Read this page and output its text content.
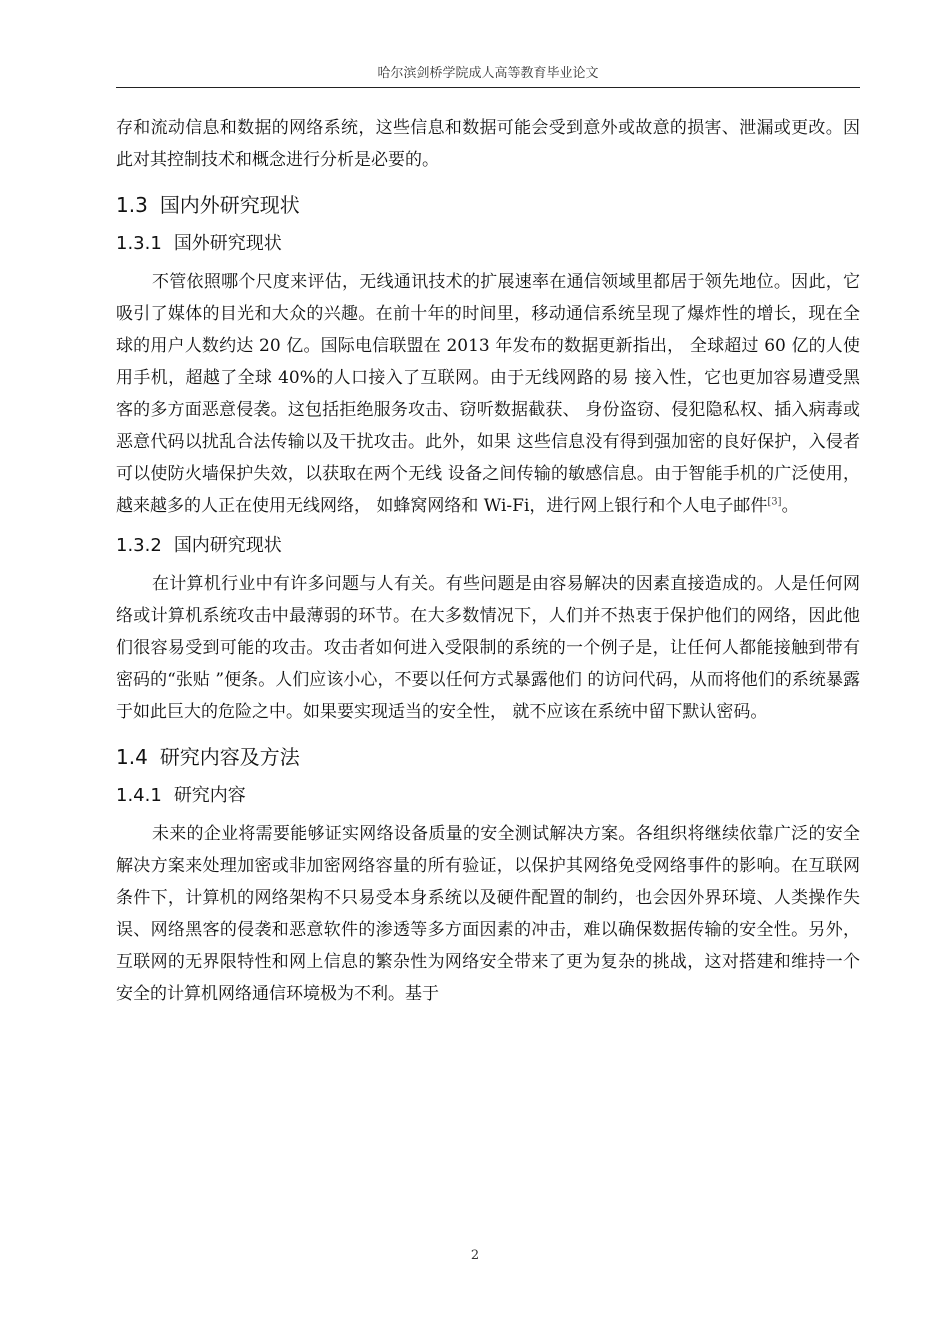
哈尔滨剑桥学院成人高等教育毕业论文

存和流动信息和数据的网络系统，这些信息和数据可能会受到意外或故意的损害、泄漏或更改。因此对其控制技术和概念进行分析是必要的。

1.3 国内外研究现状
1.3.1 国外研究现状

不管依照哪个尺度来评估，无线通讯技术的扩展速率在通信领域里都居于领先地位。因此，它吸引了媒体的目光和大众的兴趣。在前十年的时间里，移动通信系统呈现了爆炸性的增长，现在全球的用户人数约达 20 亿。国际电信联盟在 2013 年发布的数据更新指出， 全球超过 60 亿的人使用手机，超越了全球 40%的人口接入了互联网。由于无线网路的易 接入性，它也更加容易遭受黑客的多方面恶意侵袭。这包括拒绝服务攻击、窃听数据截获、 身份盗窃、侵犯隐私权、插入病毒或恶意代码以扰乱合法传输以及干扰攻击。此外，如果 这些信息没有得到强加密的良好保护，入侵者可以使防火墙保护失效，以获取在两个无线 设备之间传输的敏感信息。由于智能手机的广泛使用，越来越多的人正在使用无线网络， 如蜂窝网络和 Wi-Fi，进行网上银行和个人电子邮件[3]。

1.3.2 国内研究现状

在计算机行业中有许多问题与人有关。有些问题是由容易解决的因素直接造成的。人是任何网络或计算机系统攻击中最薄弱的环节。在大多数情况下，人们并不热衷于保护他们的网络，因此他们很容易受到可能的攻击。攻击者如何进入受限制的系统的一个例子是，让任何人都能接触到带有密码的“张贴 ”便条。人们应该小心，不要以任何方式暴露他们 的访问代码，从而将他们的系统暴露于如此巨大的危险之中。如果要实现适当的安全性， 就不应该在系统中留下默认密码。

1.4 研究内容及方法
1.4.1 研究内容

未来的企业将需要能够证实网络设备质量的安全测试解决方案。各组织将继续依靠广泛的安全解决方案来处理加密或非加密网络容量的所有验证，以保护其网络免受网络事件的影响。在互联网条件下，计算机的网络架构不只易受本身系统以及硬件配置的制约，也会因外界环境、人类操作失误、网络黑客的侵袭和恶意软件的渗透等多方面因素的冲击，难以确保数据传输的安全性。另外，互联网的无界限特性和网上信息的繁杂性为网络安全带来了更为复杂的挑战，这对搭建和维持一个安全的计算机网络通信环境极为不利。基于

2
